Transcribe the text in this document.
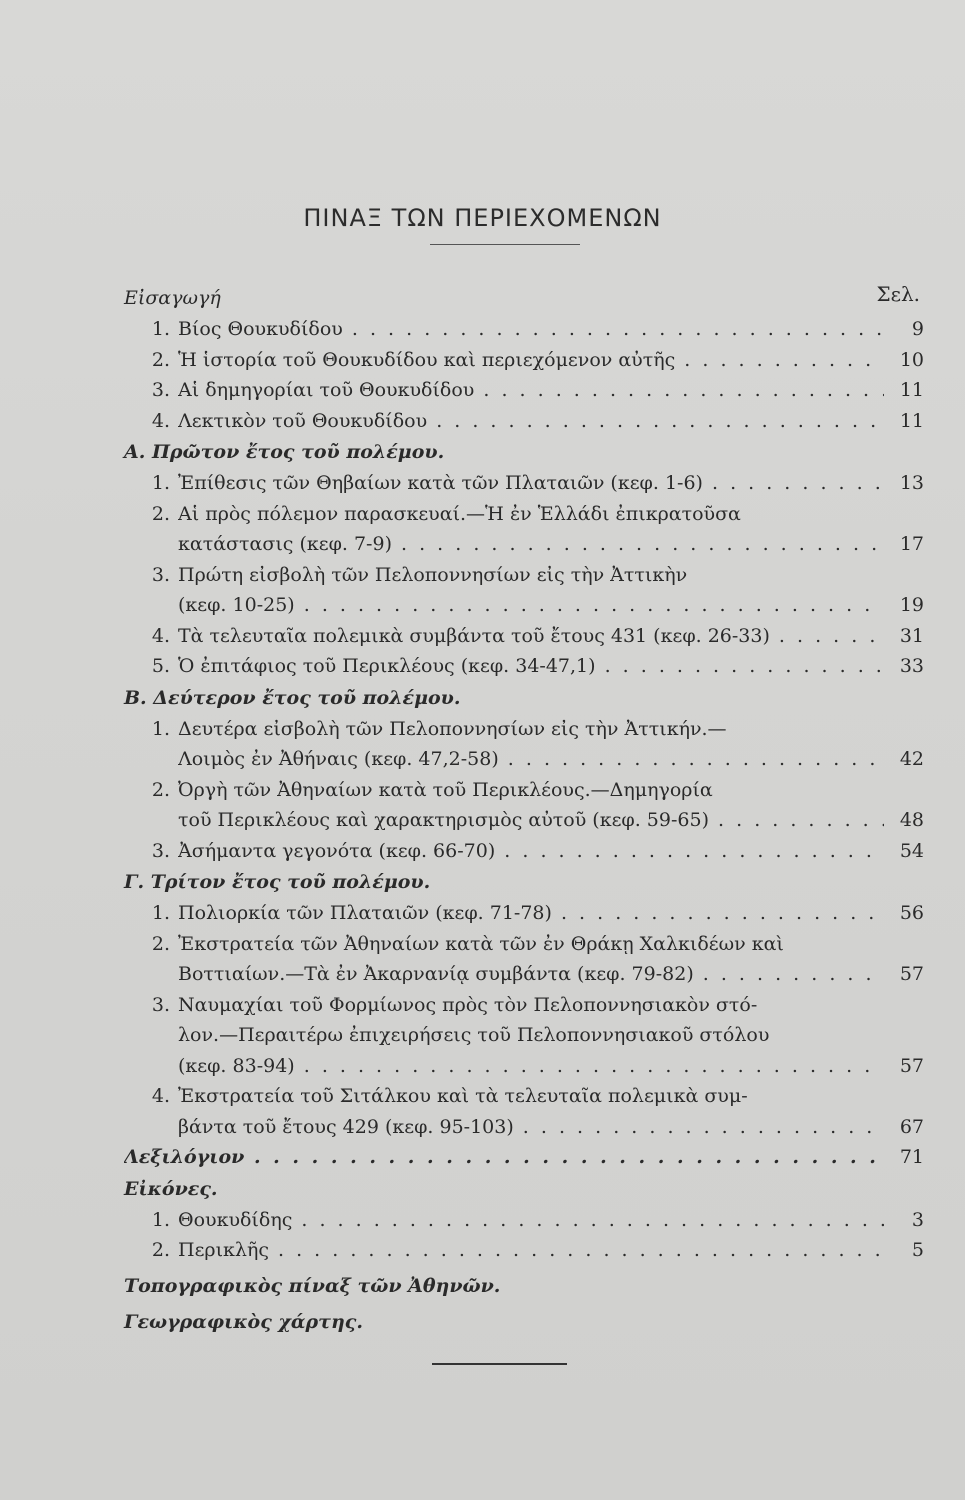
ΠΙΝΑΞ ΤΩΝ ΠΕΡΙΕΧΟΜΕΝΩΝ
Σελ.
Εἰσαγωγή
1. Βίος Θουκυδίδου . . .	9
2. Ἡ ἱστορία τοῦ Θουκυδίδου καὶ περιεχόμενον αὐτῆς . . .	10
3. Αἱ δημηγορίαι τοῦ Θουκυδίδου . . .	11
4. Λεκτικὸν τοῦ Θουκυδίδου . . .	11
Α. Πρῶτον ἔτος τοῦ πολέμου.
1. Ἐπίθεσις τῶν Θηβαίων κατὰ τῶν Πλαταιῶν (κεφ. 1-6) . . .	13
2. Αἱ πρὸς πόλεμον παρασκευαί.—Ἡ ἐν Ἑλλάδι ἐπικρατοῦσα
κατάστασις (κεφ. 7-9) . . .	17
3. Πρώτη εἰσβολὴ τῶν Πελοποννησίων εἰς τὴν Ἀττικὴν
(κεφ. 10-25) . . .	19
4. Τὰ τελευταῖα πολεμικὰ συμβάντα τοῦ ἔτους 431 (κεφ. 26-33) . . .	31
5. Ὁ ἐπιτάφιος τοῦ Περικλέους (κεφ. 34-47,1) . . .	33
Β. Δεύτερον ἔτος τοῦ πολέμου.
1. Δευτέρα εἰσβολὴ τῶν Πελοποννησίων εἰς τὴν Ἀττικήν.—
Λοιμὸς ἐν Ἀθήναις (κεφ. 47,2-58) . . .	42
2. Ὀργὴ τῶν Ἀθηναίων κατὰ τοῦ Περικλέους.—Δημηγορία
τοῦ Περικλέους καὶ χαρακτηρισμὸς αὐτοῦ (κεφ. 59-65) . . .	48
3. Ἀσήμαντα γεγονότα (κεφ. 66-70) . . .	54
Γ. Τρίτον ἔτος τοῦ πολέμου.
1. Πολιορκία τῶν Πλαταιῶν (κεφ. 71-78) . . .	56
2. Ἐκστρατεία τῶν Ἀθηναίων κατὰ τῶν ἐν Θράκῃ Χαλκιδέων καὶ
Βοττιαίων.—Τὰ ἐν Ἀκαρνανίᾳ συμβάντα (κεφ. 79-82) . . .	57
3. Ναυμαχίαι τοῦ Φορμίωνος πρὸς τὸν Πελοποννησιακὸν στό-
λον.—Περαιτέρω ἐπιχειρήσεις τοῦ Πελοποννησιακοῦ στόλου
(κεφ. 83-94) . . .	57
4. Ἐκστρατεία τοῦ Σιτάλκου καὶ τὰ τελευταῖα πολεμικὰ συμ-
βάντα τοῦ ἔτους 429 (κεφ. 95-103) . . .	67
Λεξιλόγιον . . .	71
Εἰκόνες.
1. Θουκυδίδης . . .	3
2. Περικλῆς . . .	5
Τοπογραφικὸς πίναξ τῶν Ἀθηνῶν.
Γεωγραφικὸς χάρτης.
